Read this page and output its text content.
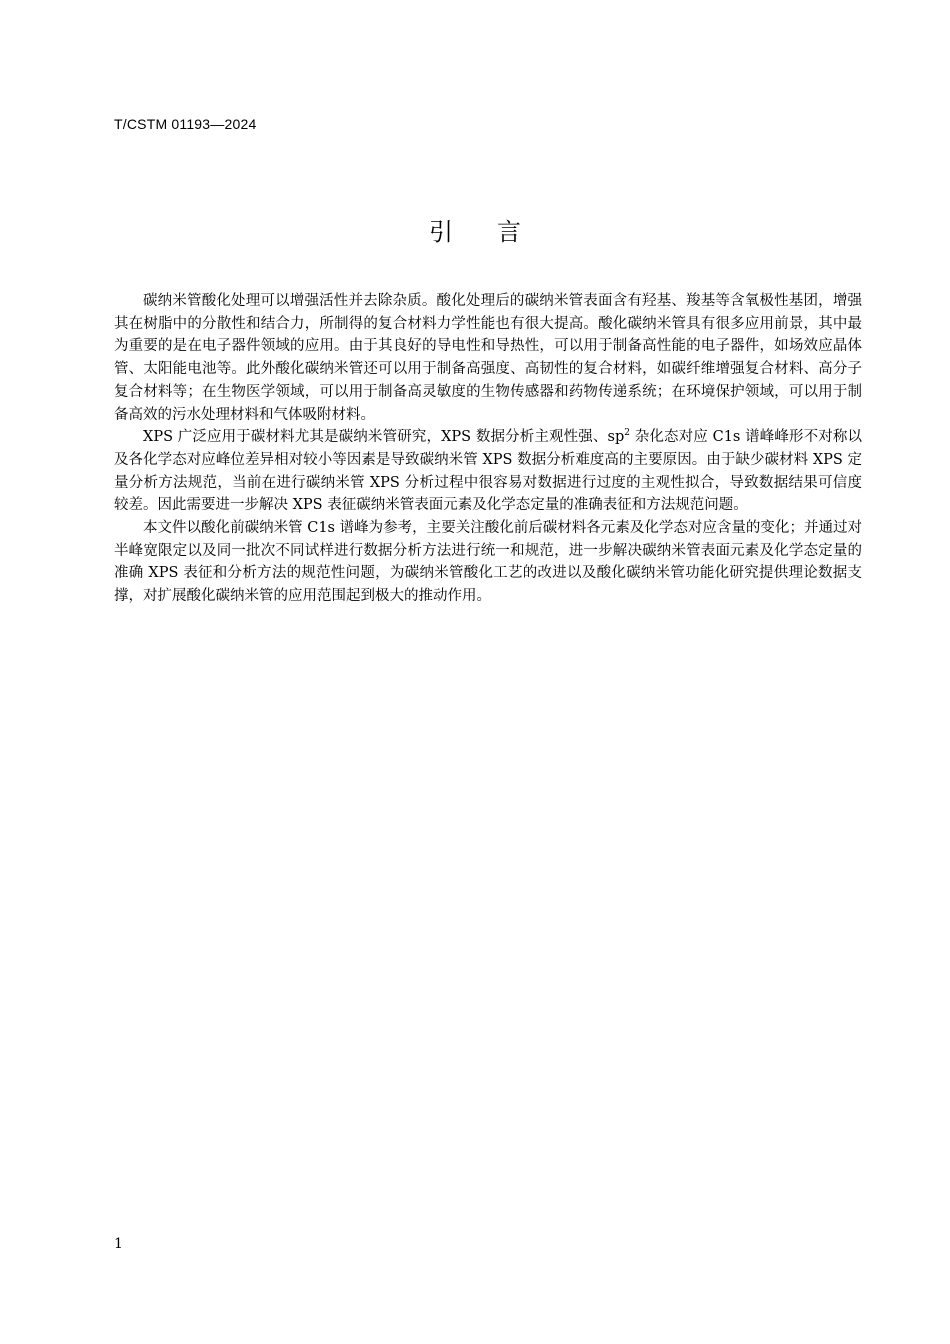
T/CSTM 01193—2024
引言

碳纳米管酸化处理可以增强活性并去除杂质。酸化处理后的碳纳米管表面含有羟基、羧基等含氧极性基团，增强其在树脂中的分散性和结合力，所制得的复合材料力学性能也有很大提高。酸化碳纳米管具有很多应用前景，其中最为重要的是在电子器件领域的应用。由于其良好的导电性和导热性，可以用于制备高性能的电子器件，如场效应晶体管、太阳能电池等。此外酸化碳纳米管还可以用于制备高强度、高韧性的复合材料，如碳纤维增强复合材料、高分子复合材料等；在生物医学领域，可以用于制备高灵敏度的生物传感器和药物传递系统；在环境保护领域，可以用于制备高效的污水处理材料和气体吸附材料。

XPS 广泛应用于碳材料尤其是碳纳米管研究，XPS 数据分析主观性强、$sp^2$ 杂化态对应 C1s 谱峰峰形不对称以及各化学态对应峰位差异相对较小等因素是导致碳纳米管 XPS 数据分析难度高的主要原因。由于缺少碳材料 XPS 定量分析方法规范，当前在进行碳纳米管 XPS 分析过程中很容易对数据进行过度的主观性拟合，导致数据结果可信度较差。因此需要进一步解决 XPS 表征碳纳米管表面元素及化学态定量的准确表征和方法规范问题。

本文件以酸化前碳纳米管 C1s 谱峰为参考，主要关注酸化前后碳材料各元素及化学态对应含量的变化；并通过对半峰宽限定以及同一批次不同试样进行数据分析方法进行统一和规范，进一步解决碳纳米管表面元素及化学态定量的准确 XPS 表征和分析方法的规范性问题，为碳纳米管酸化工艺的改进以及酸化碳纳米管功能化研究提供理论数据支撑，对扩展酸化碳纳米管的应用范围起到极大的推动作用。

1
